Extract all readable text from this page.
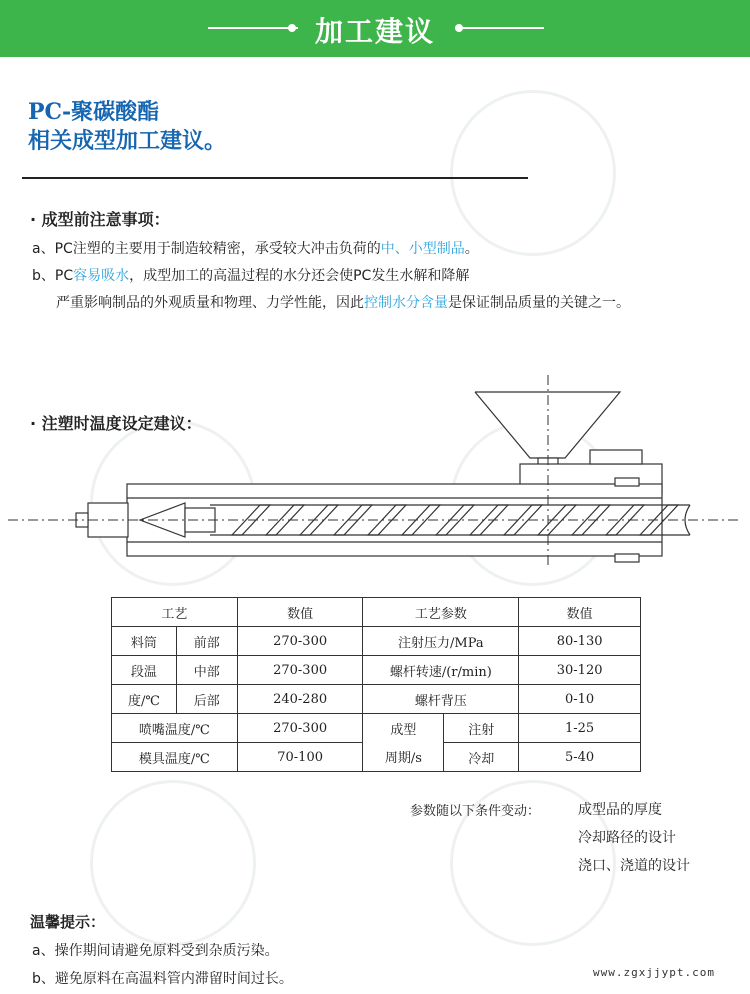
加工建议
PC-聚碳酸酯
相关成型加工建议。
· 成型前注意事项：
a、PC注塑的主要用于制造较精密，承受较大冲击负荷的中、小型制品。
b、PC容易吸水，成型加工的高温过程的水分还会使PC发生水解和降解
严重影响制品的外观质量和物理、力学性能，因此控制水分含量是保证制品质量的关键之一。
· 注塑时温度设定建议：
工艺		数值	工艺参数		数值
料筒	前部	270-300	注射压力/MPa		80-130
段温	中部	270-300	螺杆转速/(r/min)		30-120
度/℃	后部	240-280	螺杆背压		0-10
喷嘴温度/℃		270-300	成型	注射	1-25
模具温度/℃		70-100	周期/s	冷却	5-40
参数随以下条件变动：	成型品的厚度
冷却路径的设计
浇口、浇道的设计
温馨提示：
a、操作期间请避免原料受到杂质污染。
b、避免原料在高温料管内滞留时间过长。	www.zgxjjypt.com
